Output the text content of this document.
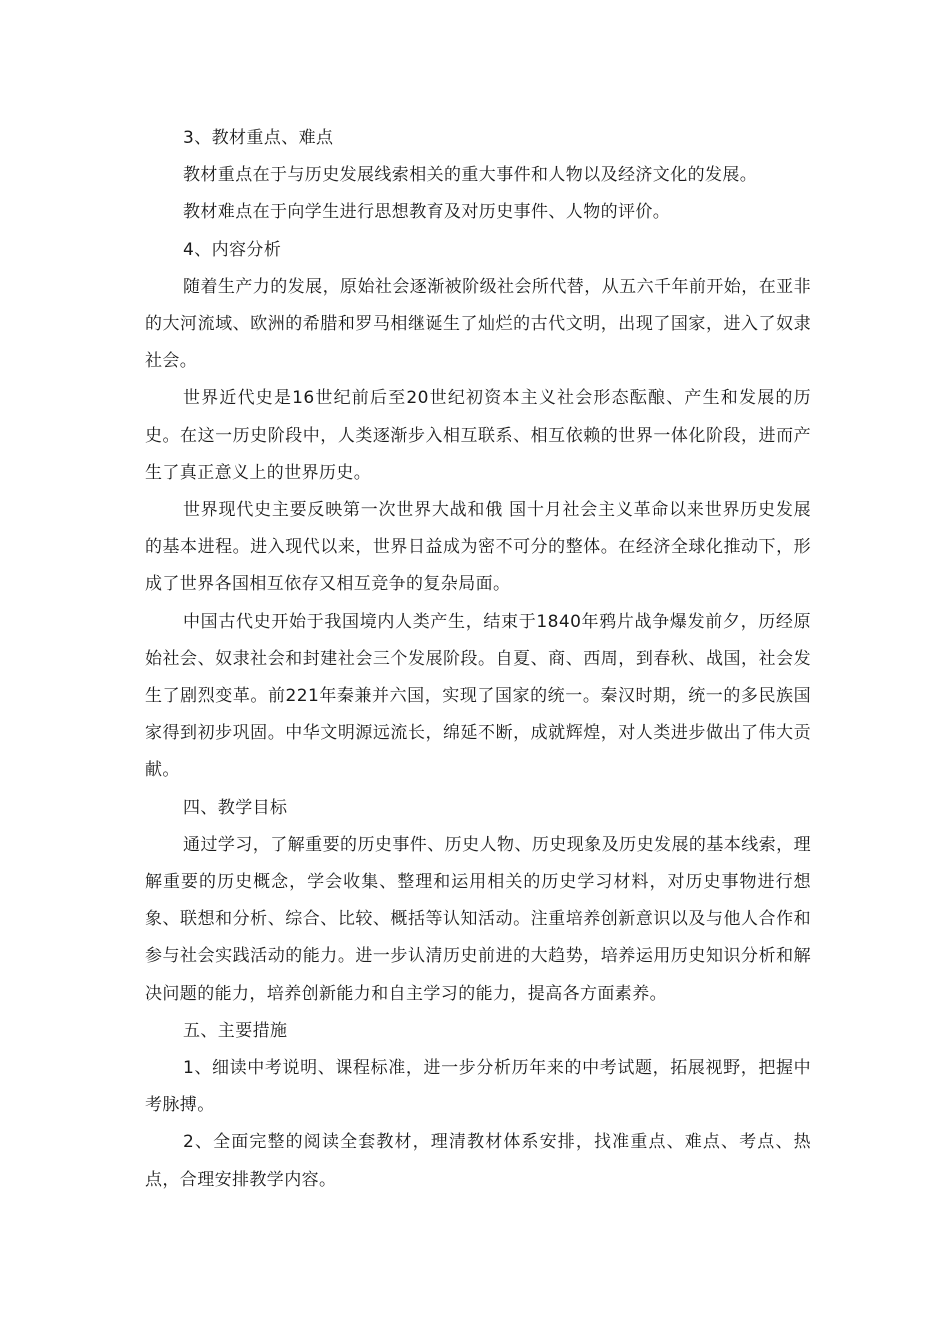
3、教材重点、难点

教材重点在于与历史发展线索相关的重大事件和人物以及经济文化的发展。

教材难点在于向学生进行思想教育及对历史事件、人物的评价。

4、内容分析

随着生产力的发展，原始社会逐渐被阶级社会所代替，从五六千年前开始，在亚非的大河流域、欧洲的希腊和罗马相继诞生了灿烂的古代文明，出现了国家，进入了奴隶社会。

世界近代史是16世纪前后至20世纪初资本主义社会形态酝酿、产生和发展的历史。在这一历史阶段中，人类逐渐步入相互联系、相互依赖的世界一体化阶段，进而产生了真正意义上的世界历史。

世界现代史主要反映第一次世界大战和俄 国十月社会主义革命以来世界历史发展的基本进程。进入现代以来，世界日益成为密不可分的整体。在经济全球化推动下，形成了世界各国相互依存又相互竞争的复杂局面。

中国古代史开始于我国境内人类产生，结束于1840年鸦片战争爆发前夕，历经原始社会、奴隶社会和封建社会三个发展阶段。自夏、商、西周，到春秋、战国，社会发生了剧烈变革。前221年秦兼并六国，实现了国家的统一。秦汉时期，统一的多民族国家得到初步巩固。中华文明源远流长，绵延不断，成就辉煌，对人类进步做出了伟大贡献。

四、教学目标

通过学习，了解重要的历史事件、历史人物、历史现象及历史发展的基本线索，理解重要的历史概念，学会收集、整理和运用相关的历史学习材料，对历史事物进行想象、联想和分析、综合、比较、概括等认知活动。注重培养创新意识以及与他人合作和参与社会实践活动的能力。进一步认清历史前进的大趋势，培养运用历史知识分析和解决问题的能力，培养创新能力和自主学习的能力，提高各方面素养。

五、主要措施

1、细读中考说明、课程标准，进一步分析历年来的中考试题，拓展视野，把握中考脉搏。

2、全面完整的阅读全套教材，理清教材体系安排，找准重点、难点、考点、热点，合理安排教学内容。
